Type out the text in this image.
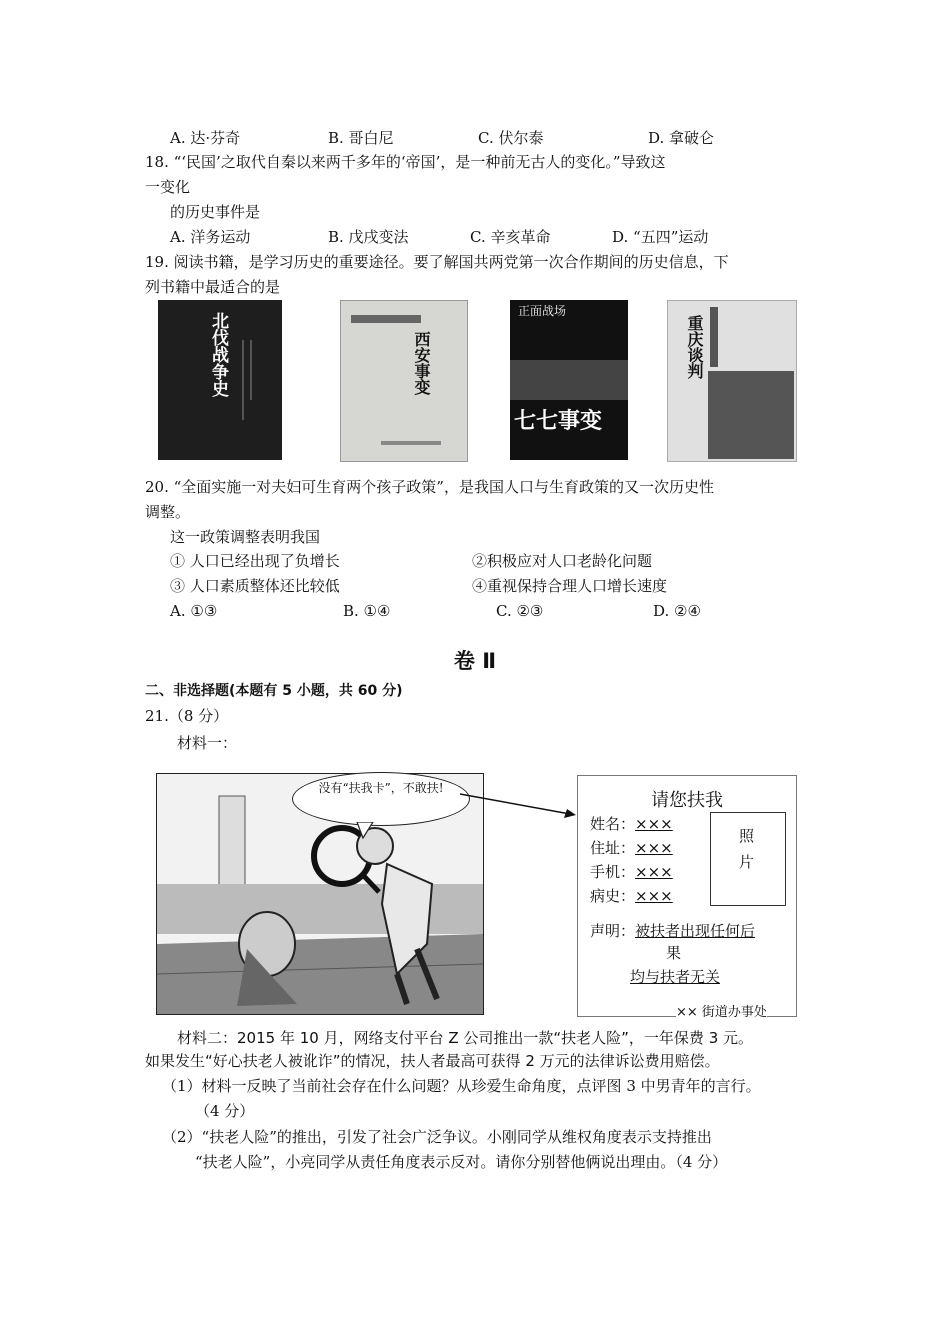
A. 达·芬奇	B. 哥白尼	C. 伏尔泰	D. 拿破仑
18. “‘民国’之取代自秦以来两千多年的‘帝国’，是一种前无古人的变化。”导致这
一变化
的历史事件是
A. 洋务运动	B. 戊戌变法	C. 辛亥革命	D. “五四”运动
19. 阅读书籍，是学习历史的重要途径。要了解国共两党第一次合作期间的历史信息，下
列书籍中最适合的是
北伐战争史	西安事变
正面战场
七七事变
重庆谈判
20. “全面实施一对夫妇可生育两个孩子政策”，是我国人口与生育政策的又一次历史性
调整。
这一政策调整表明我国
① 人口已经出现了负增长	②积极应对人口老龄化问题
③ 人口素质整体还比较低	④重视保持合理人口增长速度
A. ①③	B. ①④	C. ②③	D. ②④
卷 Ⅱ
二、非选择题(本题有 5 小题，共 60 分)
21.（8 分）
材料一：
没有“扶我卡”，不敢扶!
请您扶我
姓名：×××
住址：×××
手机：×××
病史：×××
照片
声明：被扶者出现任何后
果
均与扶者无关
×× 街道办事处
材料二：2015 年 10 月，网络支付平台 Z 公司推出一款“扶老人险”，一年保费 3 元。
如果发生“好心扶老人被讹诈”的情况，扶人者最高可获得 2 万元的法律诉讼费用赔偿。
（1）材料一反映了当前社会存在什么问题？从珍爱生命角度，点评图 3 中男青年的言行。
（4 分）
（2）“扶老人险”的推出，引发了社会广泛争议。小刚同学从维权角度表示支持推出
“扶老人险”，小亮同学从责任角度表示反对。请你分别替他俩说出理由。（4 分）
